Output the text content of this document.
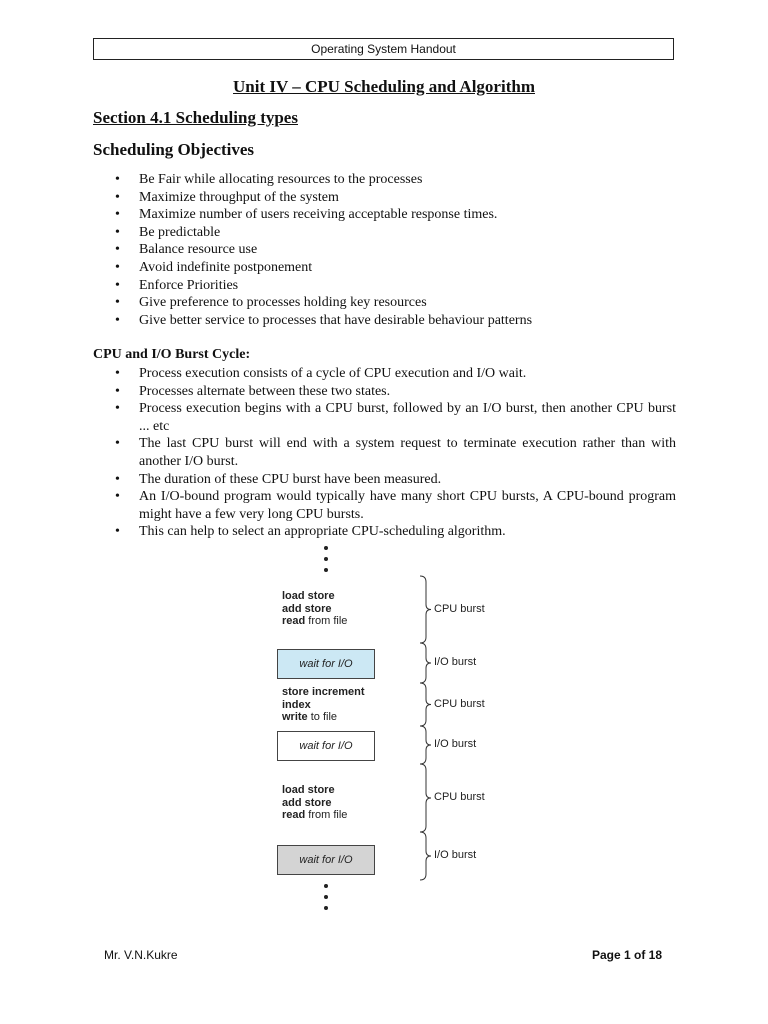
Operating System Handout
Unit IV – CPU Scheduling and Algorithm
Section 4.1 Scheduling types
Scheduling Objectives
• Be Fair while allocating resources to the processes
• Maximize throughput of the system
• Maximize number of users receiving acceptable response times.
• Be predictable
• Balance resource use
• Avoid indefinite postponement
• Enforce Priorities
• Give preference to processes holding key resources
• Give better service to processes that have desirable behaviour patterns
CPU and I/O Burst Cycle:
• Process execution consists of a cycle of CPU execution and I/O wait.
• Processes alternate between these two states.
• Process execution begins with a CPU burst, followed by an I/O burst, then another CPU burst ... etc
• The last CPU burst will end with a system request to terminate execution rather than with another I/O burst.
• The duration of these CPU burst have been measured.
• An I/O-bound program would typically have many short CPU bursts, A CPU-bound program might have a few very long CPU bursts.
• This can help to select an appropriate CPU-scheduling algorithm.
load store
add store
read from file
CPU burst
wait for I/O	I/O burst
store increment
index
write to file
CPU burst
wait for I/O	I/O burst
load store
add store
read from file
CPU burst
wait for I/O	I/O burst
Mr. V.N.Kukre	Page 1 of 18
